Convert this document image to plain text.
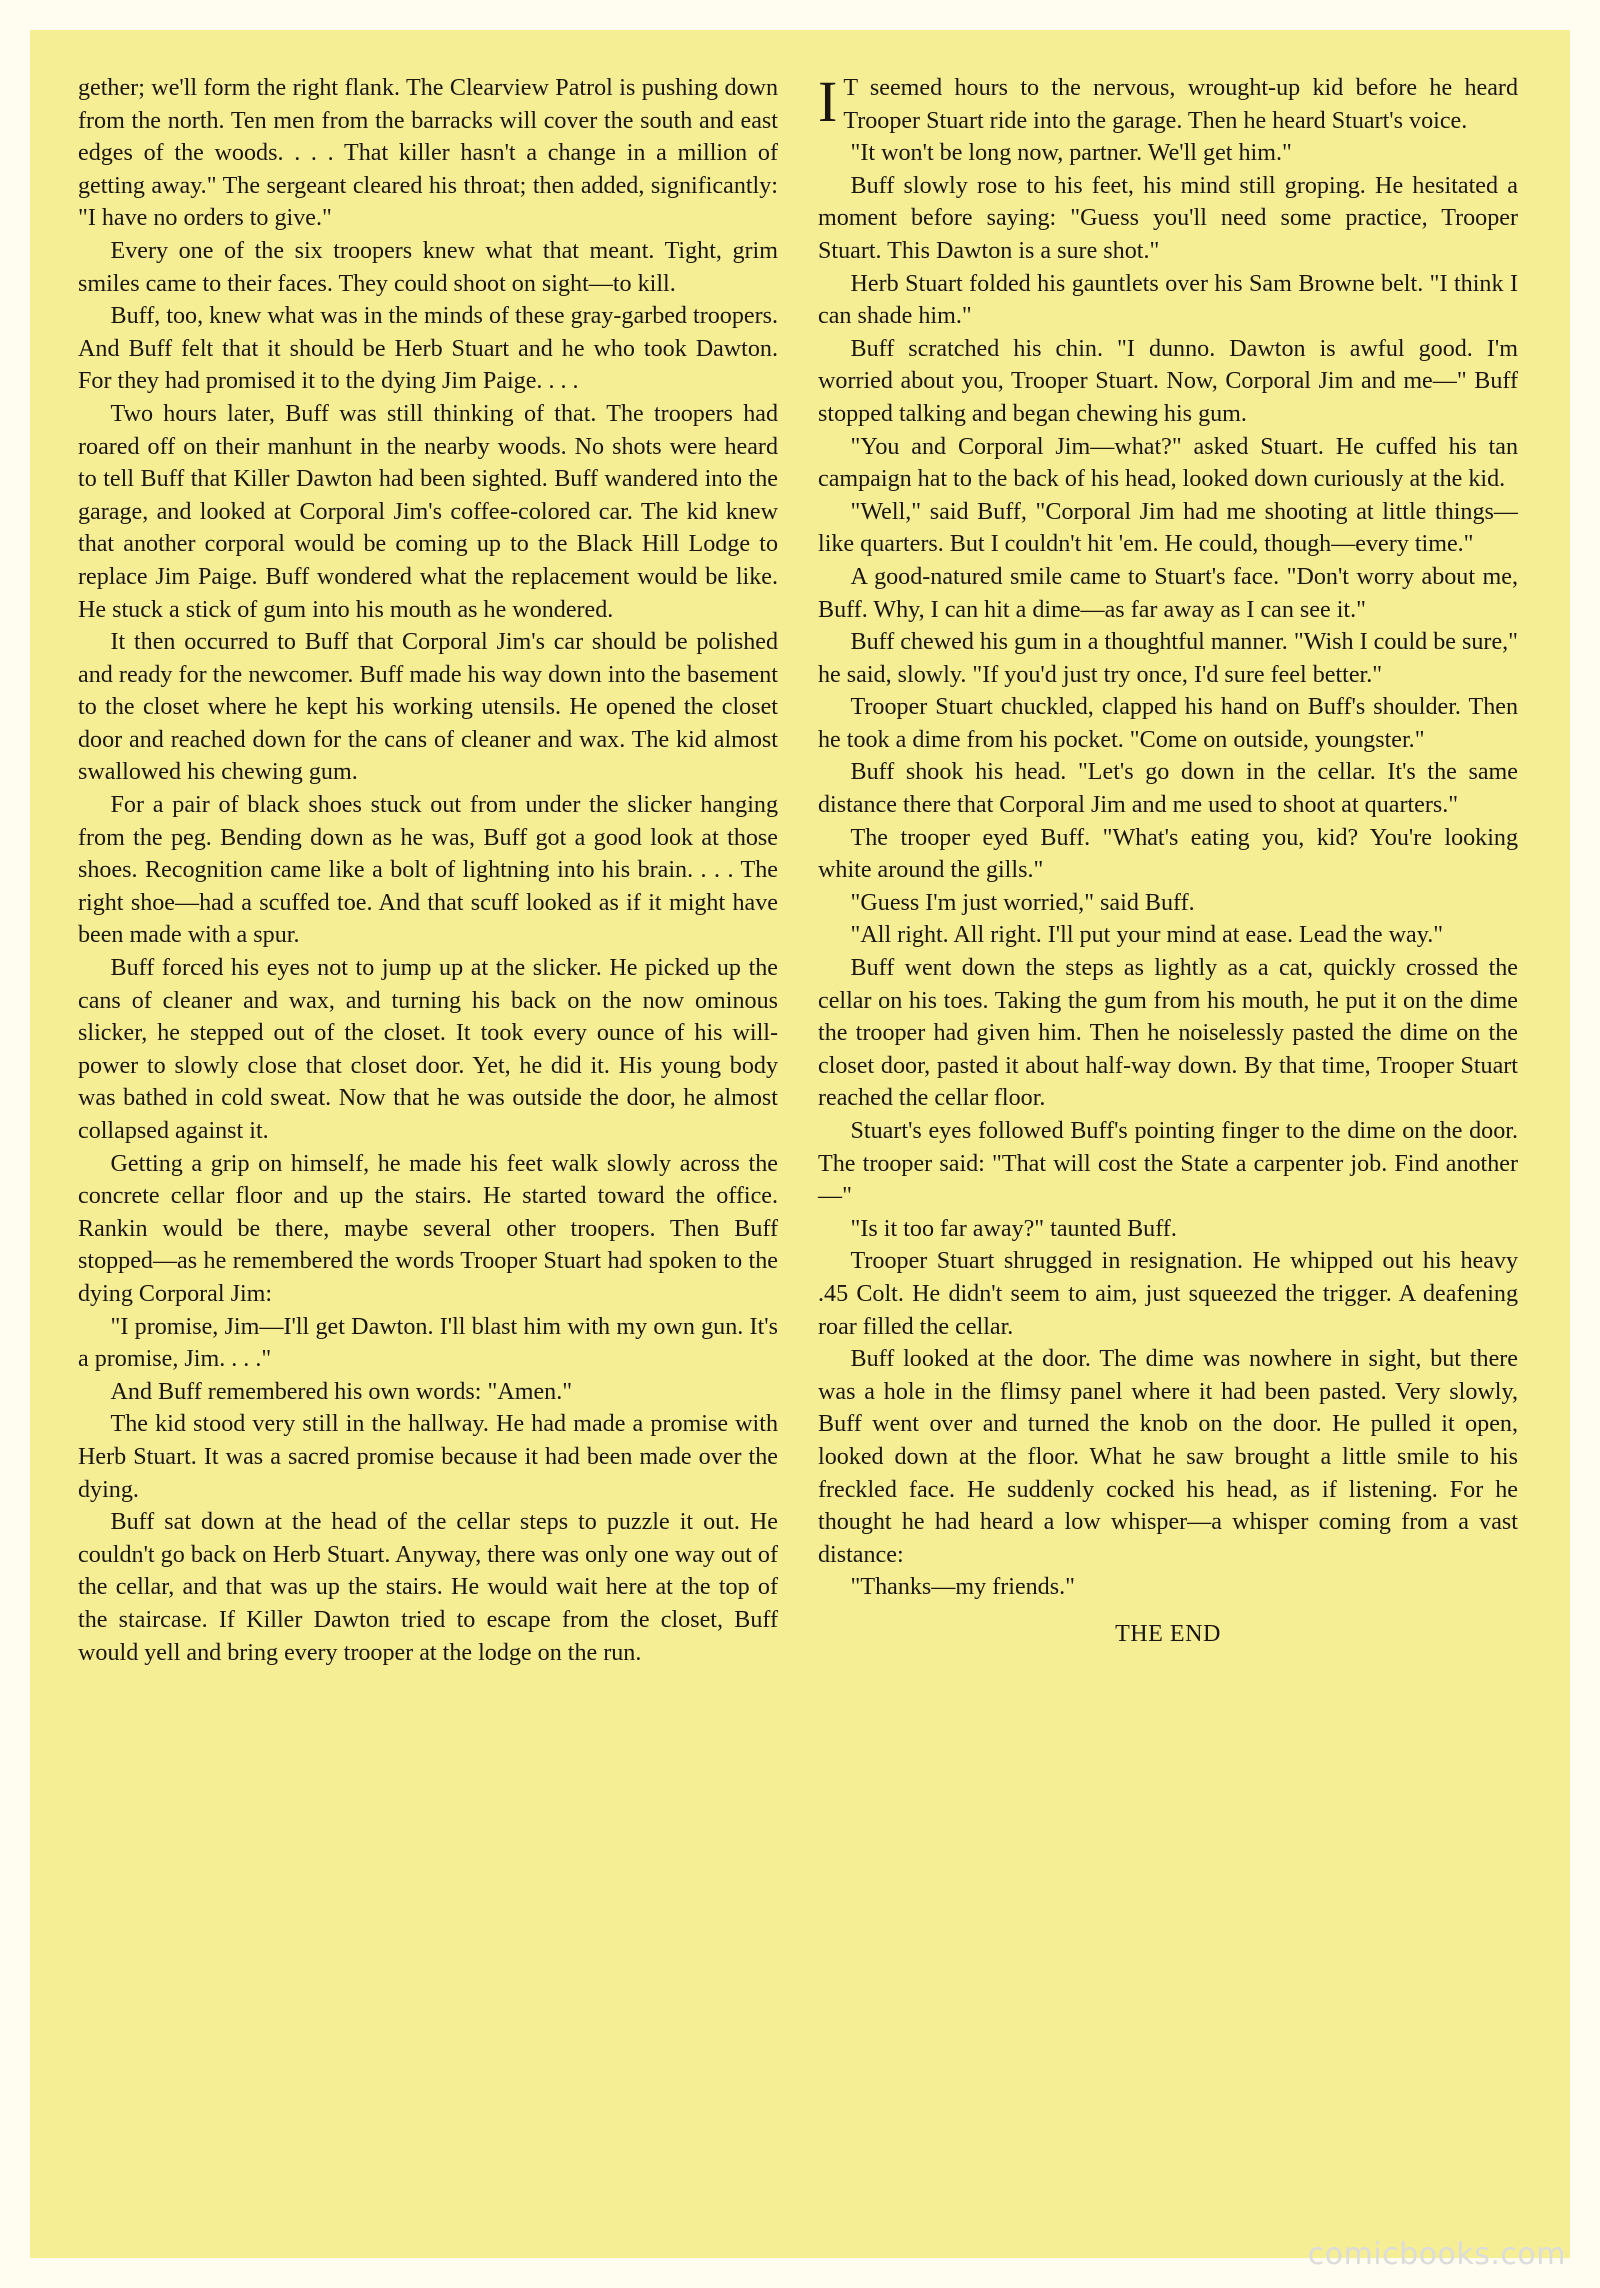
gether; we'll form the right flank. The Clearview Patrol is pushing down from the north. Ten men from the barracks will cover the south and east edges of the woods. . . . That killer hasn't a change in a million of getting away." The sergeant cleared his throat; then added, significantly: "I have no orders to give."

Every one of the six troopers knew what that meant. Tight, grim smiles came to their faces. They could shoot on sight—to kill.

Buff, too, knew what was in the minds of these gray-garbed troopers. And Buff felt that it should be Herb Stuart and he who took Dawton. For they had promised it to the dying Jim Paige. . . .

Two hours later, Buff was still thinking of that. The troopers had roared off on their manhunt in the nearby woods. No shots were heard to tell Buff that Killer Dawton had been sighted. Buff wandered into the garage, and looked at Corporal Jim's coffee-colored car. The kid knew that another corporal would be coming up to the Black Hill Lodge to replace Jim Paige. Buff wondered what the replacement would be like. He stuck a stick of gum into his mouth as he wondered.

It then occurred to Buff that Corporal Jim's car should be polished and ready for the newcomer. Buff made his way down into the basement to the closet where he kept his working utensils. He opened the closet door and reached down for the cans of cleaner and wax. The kid almost swallowed his chewing gum.

For a pair of black shoes stuck out from under the slicker hanging from the peg. Bending down as he was, Buff got a good look at those shoes. Recognition came like a bolt of lightning into his brain. . . . The right shoe—had a scuffed toe. And that scuff looked as if it might have been made with a spur.

Buff forced his eyes not to jump up at the slicker. He picked up the cans of cleaner and wax, and turning his back on the now ominous slicker, he stepped out of the closet. It took every ounce of his will-power to slowly close that closet door. Yet, he did it. His young body was bathed in cold sweat. Now that he was outside the door, he almost collapsed against it.

Getting a grip on himself, he made his feet walk slowly across the concrete cellar floor and up the stairs. He started toward the office. Rankin would be there, maybe several other troopers. Then Buff stopped—as he remembered the words Trooper Stuart had spoken to the dying Corporal Jim:

"I promise, Jim—I'll get Dawton. I'll blast him with my own gun. It's a promise, Jim. . . ."

And Buff remembered his own words: "Amen."

The kid stood very still in the hallway. He had made a promise with Herb Stuart. It was a sacred promise because it had been made over the dying.

Buff sat down at the head of the cellar steps to puzzle it out. He couldn't go back on Herb Stuart. Anyway, there was only one way out of the cellar, and that was up the stairs. He would wait here at the top of the staircase. If Killer Dawton tried to escape from the closet, Buff would yell and bring every trooper at the lodge on the run.

I T seemed hours to the nervous, wrought-up kid before he heard Trooper Stuart ride into the garage. Then he heard Stuart's voice.

"It won't be long now, partner. We'll get him."

Buff slowly rose to his feet, his mind still groping. He hesitated a moment before saying: "Guess you'll need some practice, Trooper Stuart. This Dawton is a sure shot."

Herb Stuart folded his gauntlets over his Sam Browne belt. "I think I can shade him."

Buff scratched his chin. "I dunno. Dawton is awful good. I'm worried about you, Trooper Stuart. Now, Corporal Jim and me—" Buff stopped talking and began chewing his gum.

"You and Corporal Jim—what?" asked Stuart. He cuffed his tan campaign hat to the back of his head, looked down curiously at the kid.

"Well," said Buff, "Corporal Jim had me shooting at little things—like quarters. But I couldn't hit 'em. He could, though—every time."

A good-natured smile came to Stuart's face. "Don't worry about me, Buff. Why, I can hit a dime—as far away as I can see it."

Buff chewed his gum in a thoughtful manner. "Wish I could be sure," he said, slowly. "If you'd just try once, I'd sure feel better."

Trooper Stuart chuckled, clapped his hand on Buff's shoulder. Then he took a dime from his pocket. "Come on outside, youngster."

Buff shook his head. "Let's go down in the cellar. It's the same distance there that Corporal Jim and me used to shoot at quarters."

The trooper eyed Buff. "What's eating you, kid? You're looking white around the gills."

"Guess I'm just worried," said Buff.

"All right. All right. I'll put your mind at ease. Lead the way."

Buff went down the steps as lightly as a cat, quickly crossed the cellar on his toes. Taking the gum from his mouth, he put it on the dime the trooper had given him. Then he noiselessly pasted the dime on the closet door, pasted it about half-way down. By that time, Trooper Stuart reached the cellar floor.

Stuart's eyes followed Buff's pointing finger to the dime on the door. The trooper said: "That will cost the State a carpenter job. Find another—"

"Is it too far away?" taunted Buff.

Trooper Stuart shrugged in resignation. He whipped out his heavy .45 Colt. He didn't seem to aim, just squeezed the trigger. A deafening roar filled the cellar.

Buff looked at the door. The dime was nowhere in sight, but there was a hole in the flimsy panel where it had been pasted. Very slowly, Buff went over and turned the knob on the door. He pulled it open, looked down at the floor. What he saw brought a little smile to his freckled face. He suddenly cocked his head, as if listening. For he thought he had heard a low whisper—a whisper coming from a vast distance:

"Thanks—my friends."

THE END

comicbooks.com
